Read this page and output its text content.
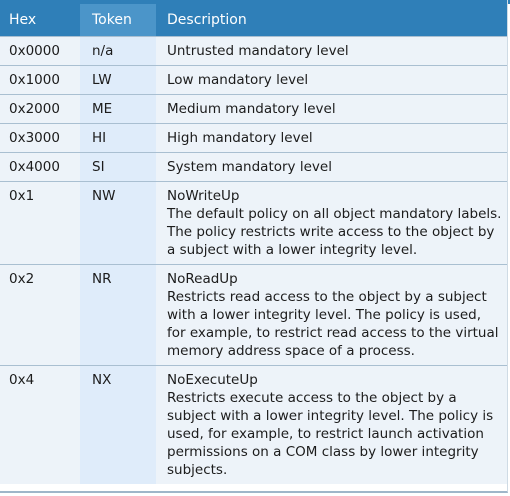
Hex	Token	Description
0x0000	n/a	Untrusted mandatory level

0x1000	LW	Low mandatory level

0x2000	ME	Medium mandatory level

0x3000	HI	High mandatory level

0x4000	SI	System mandatory level

0x1	NW	NoWriteUp
The default policy on all object mandatory labels. The policy restricts write access to the object by a subject with a lower integrity level.

0x2	NR	NoReadUp
Restricts read access to the object by a subject with a lower integrity level. The policy is used, for example, to restrict read access to the virtual memory address space of a process.

0x4	NX	NoExecuteUp
Restricts execute access to the object by a subject with a lower integrity level. The policy is used, for example, to restrict launch activation permissions on a COM class by lower integrity subjects.
